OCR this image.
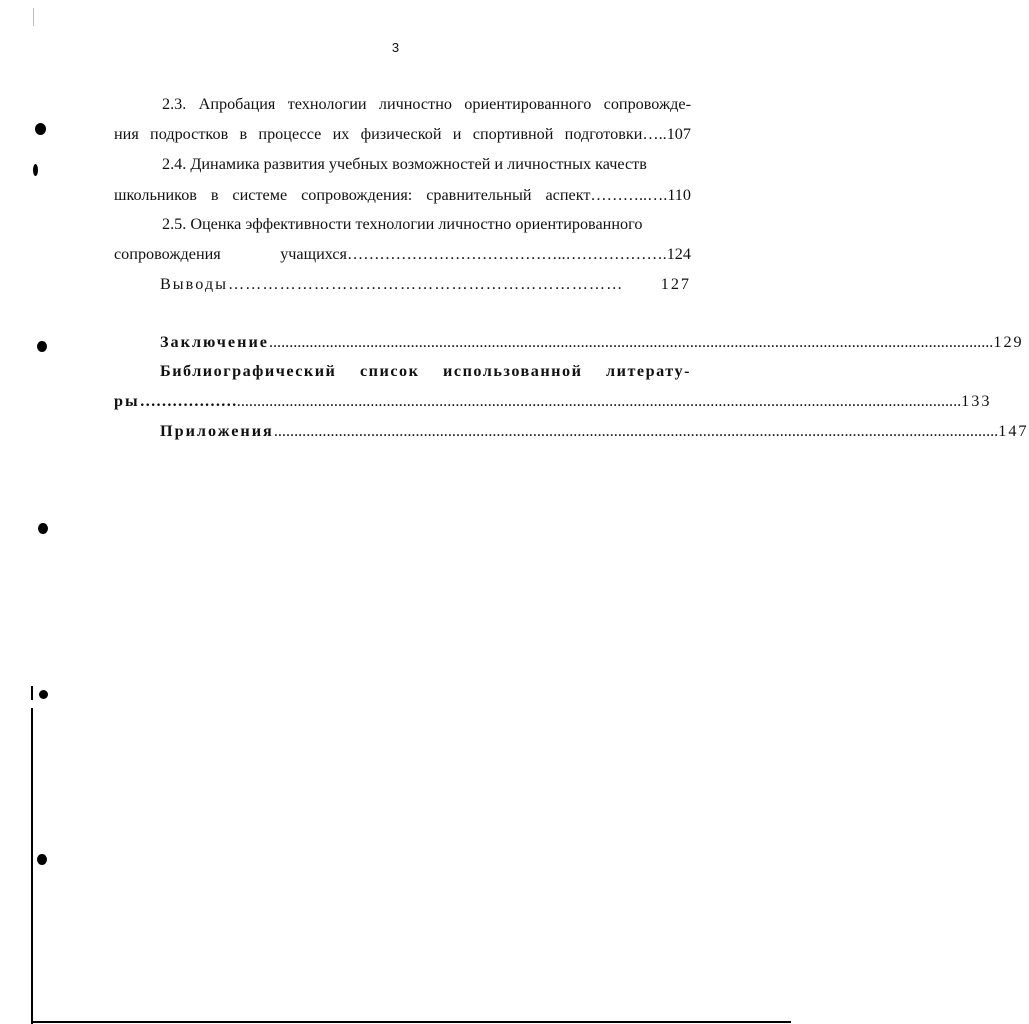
3
2.3. Апробация технологии личностно ориентированного сопровожде-
ния подростков в процессе их физической и спортивной подготовки…..107
2.4. Динамика развития учебных возможностей и личностных качеств
школьников в системе сопровождения: сравнительный аспект………..….110
2.5. Оценка эффективности технологии личностно ориентированного
сопровождения учащихся…………………………………..……………….124
Выводы ……………………………………………………………	127
Заключение ................................................................................................................................................................................... 129
Библиографический список использованной литерату-
ры ……………… ................................................................................................................................................................................... 133
Приложения ................................................................................................................................................................................... 147
